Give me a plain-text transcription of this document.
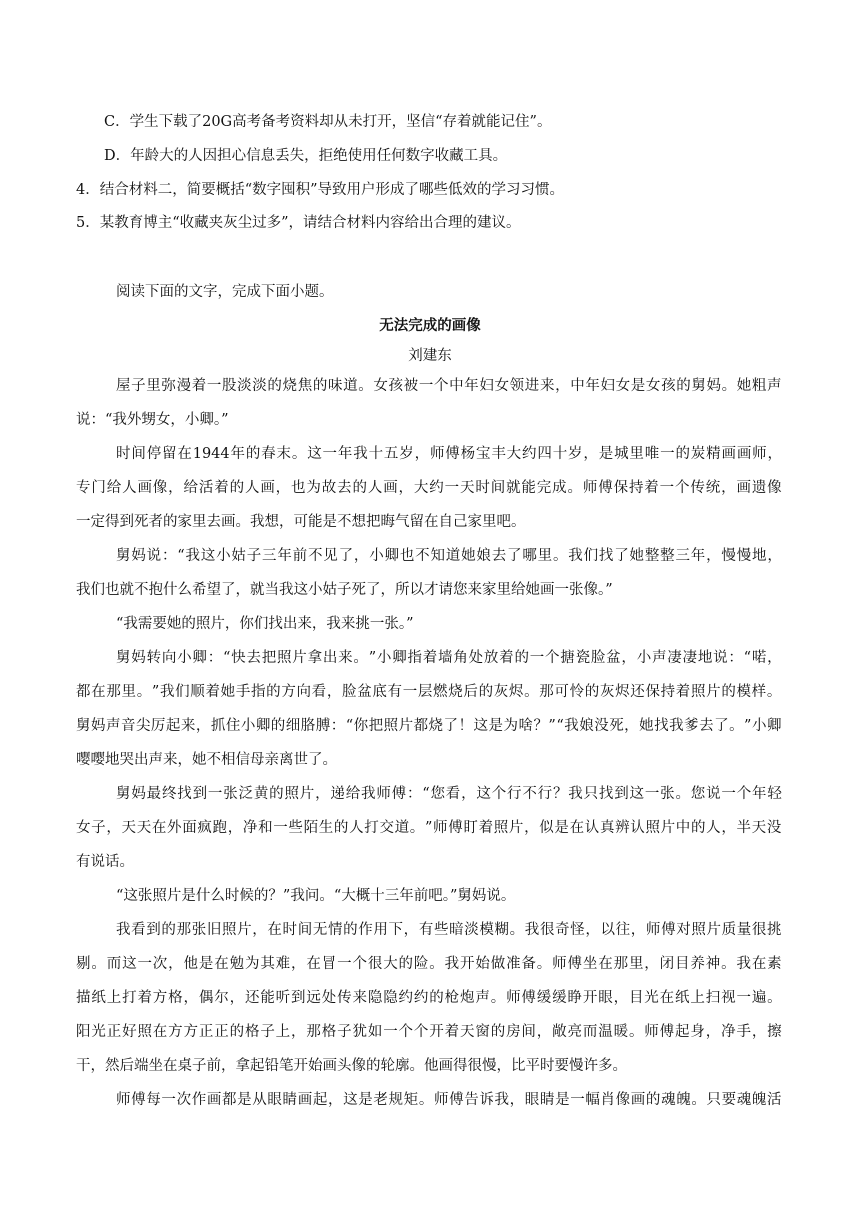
C．学生下载了20G高考备考资料却从未打开，坚信“存着就能记住”。
D．年龄大的人因担心信息丢失，拒绝使用任何数字收藏工具。
4．结合材料二，简要概括“数字囤积”导致用户形成了哪些低效的学习习惯。
5．某教育博主“收藏夹灰尘过多”，请结合材料内容给出合理的建议。
阅读下面的文字，完成下面小题。
无法完成的画像
刘建东
屋 子 里 弥 漫 着 一 股 淡 淡 的 烧 焦 的 味 道 。 女 孩 被 一 个 中 年 妇 女 领 进 来 ， 中 年 妇 女 是 女 孩 的 舅 妈 。 她 粗 声
说：“我外甥女，小卿。”
时 间 停 留 在 1944 年 的 春 末 。 这 一 年 我 十 五 岁 ， 师 傅 杨 宝 丰 大 约 四 十 岁 ， 是 城 里 唯 一 的 炭 精 画 画 师 ，
专 门 给 人 画 像 ， 给 活 着 的 人 画 ， 也 为 故 去 的 人 画 ， 大 约 一 天 时 间 就 能 完 成 。 师 傅 保 持 着 一 个 传 统 ， 画 遗 像
一定得到死者的家里去画。我想，可能是不想把晦气留在自己家里吧。
舅 妈 说 ： “ 我 这 小 姑 子 三 年 前 不 见 了 ， 小 卿 也 不 知 道 她 娘 去 了 哪 里 。 我 们 找 了 她 整 整 三 年 ， 慢 慢 地 ，
我们也就不抱什么希望了，就当我这小姑子死了，所以才请您来家里给她画一张像。”
“我需要她的照片，你们找出来，我来挑一张。”
舅 妈 转 向 小 卿 ： “ 快 去 把 照 片 拿 出 来 。 ” 小 卿 指 着 墙 角 处 放 着 的 一 个 搪 瓷 脸 盆 ， 小 声 凄 凄 地 说 ： “ 喏 ，
都 在 那 里 。 ” 我 们 顺 着 她 手 指 的 方 向 看 ， 脸 盆 底 有 一 层 燃 烧 后 的 灰 烬 。 那 可 怜 的 灰 烬 还 保 持 着 照 片 的 模 样 。
舅 妈 声 音 尖 厉 起 来 ， 抓 住 小 卿 的 细 胳 膊 ： “ 你 把 照 片 都 烧 了 ！ 这 是 为 啥 ？ ” “ 我 娘 没 死 ， 她 找 我 爹 去 了 。 ” 小 卿
嘤嘤地哭出声来，她不相信母亲离世了。
舅 妈 最 终 找 到 一 张 泛 黄 的 照 片 ， 递 给 我 师 傅 ： “ 您 看 ， 这 个 行 不 行 ？ 我 只 找 到 这 一 张 。 您 说 一 个 年 轻
女 子 ， 天 天 在 外 面 疯 跑 ， 净 和 一 些 陌 生 的 人 打 交 道 。 ” 师 傅 盯 着 照 片 ， 似 是 在 认 真 辨 认 照 片 中 的 人 ， 半 天 没
有说话。
“这张照片是什么时候的？”我问。“大概十三年前吧。”舅妈说。
我 看 到 的 那 张 旧 照 片 ， 在 时 间 无 情 的 作 用 下 ， 有 些 暗 淡 模 糊 。 我 很 奇 怪 ， 以 往 ， 师 傅 对 照 片 质 量 很 挑
剔 。 而 这 一 次 ， 他 是 在 勉 为 其 难 ， 在 冒 一 个 很 大 的 险 。 我 开 始 做 准 备 。 师 傅 坐 在 那 里 ， 闭 目 养 神 。 我 在 素
描 纸 上 打 着 方 格 ， 偶 尔 ， 还 能 听 到 远 处 传 来 隐 隐 约 约 的 枪 炮 声 。 师 傅 缓 缓 睁 开 眼 ， 目 光 在 纸 上 扫 视 一 遍 。
阳 光 正 好 照 在 方 方 正 正 的 格 子 上 ， 那 格 子 犹 如 一 个 个 开 着 天 窗 的 房 间 ， 敞 亮 而 温 暖 。 师 傅 起 身 ， 净 手 ， 擦
干，然后端坐在桌子前，拿起铅笔开始画头像的轮廓。他画得很慢，比平时要慢许多。
师 傅 每 一 次 作 画 都 是 从 眼 睛 画 起 ， 这 是 老 规 矩 。 师 傅 告 诉 我 ， 眼 睛 是 一 幅 肖 像 画 的 魂 魄 。 只 要 魂 魄 活
